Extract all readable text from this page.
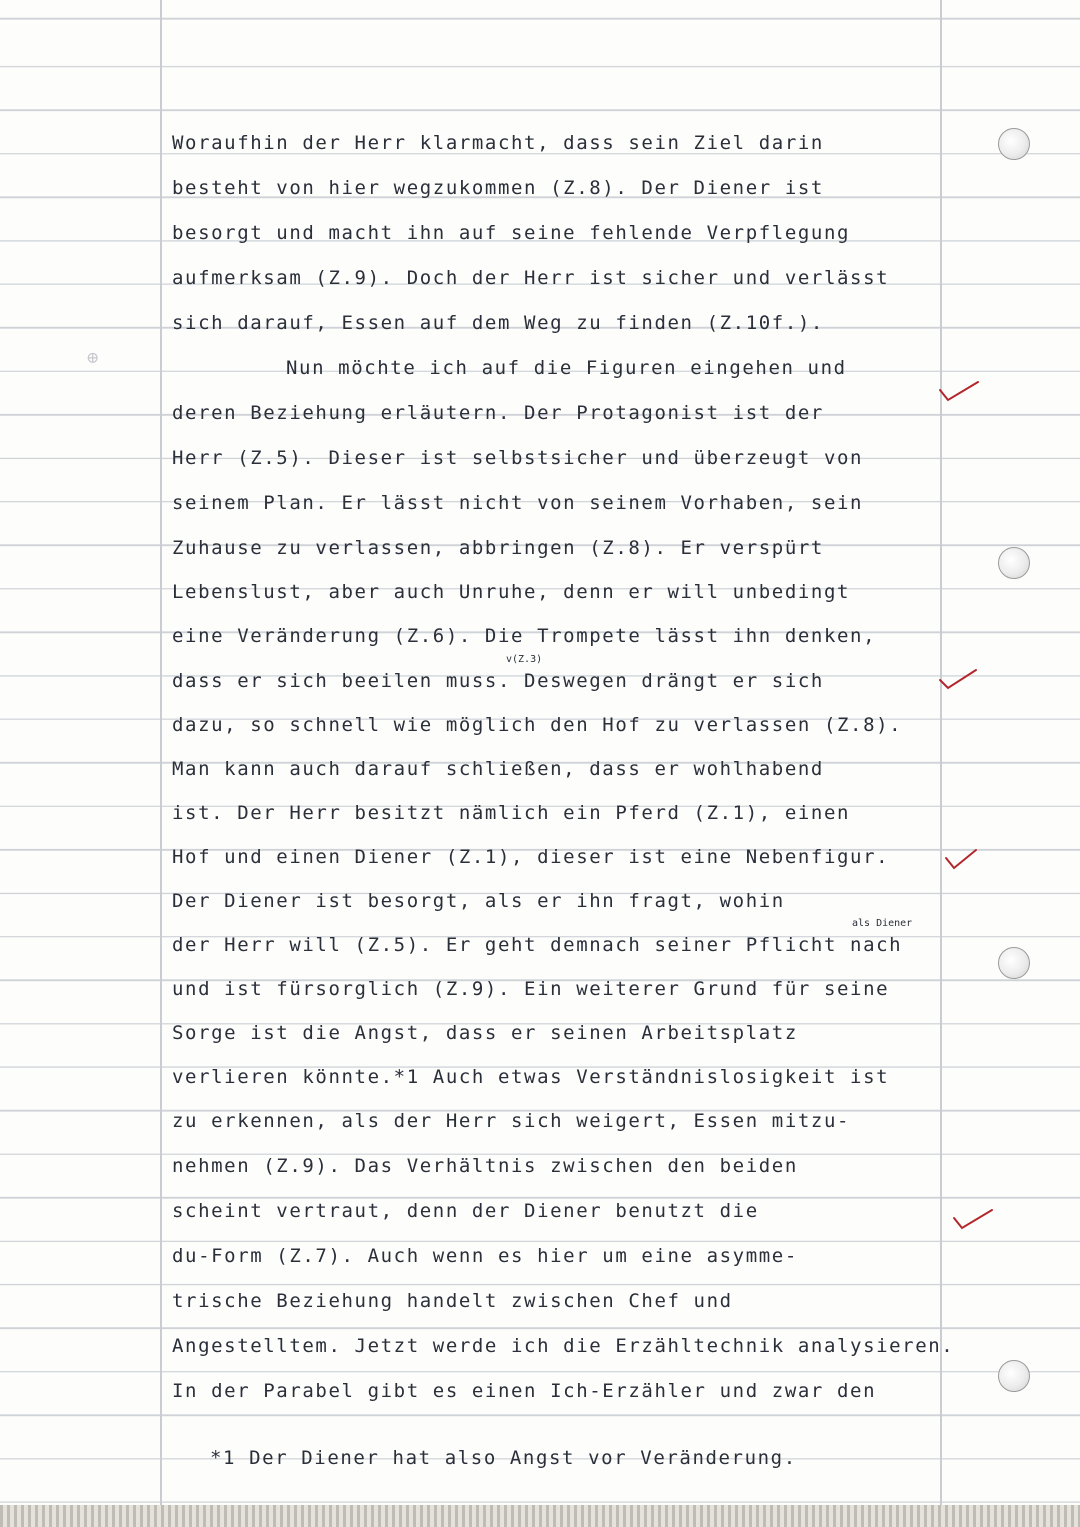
⊕
Woraufhin der Herr klarmacht, dass sein Ziel darin
besteht von hier wegzukommen (Z.8). Der Diener ist
besorgt und macht ihn auf seine fehlende Verpflegung
aufmerksam (Z.9). Doch der Herr ist sicher und verlässt
sich darauf, Essen auf dem Weg zu finden (Z.10f.).
Nun möchte ich auf die Figuren eingehen und
deren Beziehung erläutern. Der Protagonist ist der
Herr (Z.5). Dieser ist selbstsicher und überzeugt von
seinem Plan. Er lässt nicht von seinem Vorhaben, sein
Zuhause zu verlassen, abbringen (Z.8). Er verspürt
Lebenslust, aber auch Unruhe, denn er will unbedingt
eine Veränderung (Z.6). Die Trompete lässt ihn denken,
v(Z.3)
dass er sich beeilen muss. Deswegen drängt er sich
dazu, so schnell wie möglich den Hof zu verlassen (Z.8).
Man kann auch darauf schließen, dass er wohlhabend
ist. Der Herr besitzt nämlich ein Pferd (Z.1), einen
Hof und einen Diener (Z.1), dieser ist eine Nebenfigur.
Der Diener ist besorgt, als er ihn fragt, wohin
als Diener
der Herr will (Z.5). Er geht demnach seiner Pflicht nach
und ist fürsorglich (Z.9). Ein weiterer Grund für seine
Sorge ist die Angst, dass er seinen Arbeitsplatz
verlieren könnte.*1 Auch etwas Verständnislosigkeit ist
zu erkennen, als der Herr sich weigert, Essen mitzu-
nehmen (Z.9). Das Verhältnis zwischen den beiden
scheint vertraut, denn der Diener benutzt die
du-Form (Z.7). Auch wenn es hier um eine asymme-
trische Beziehung handelt zwischen Chef und
Angestelltem. Jetzt werde ich die Erzähltechnik analysieren.
In der Parabel gibt es einen Ich-Erzähler und zwar den
*1 Der Diener hat also Angst vor Veränderung.
